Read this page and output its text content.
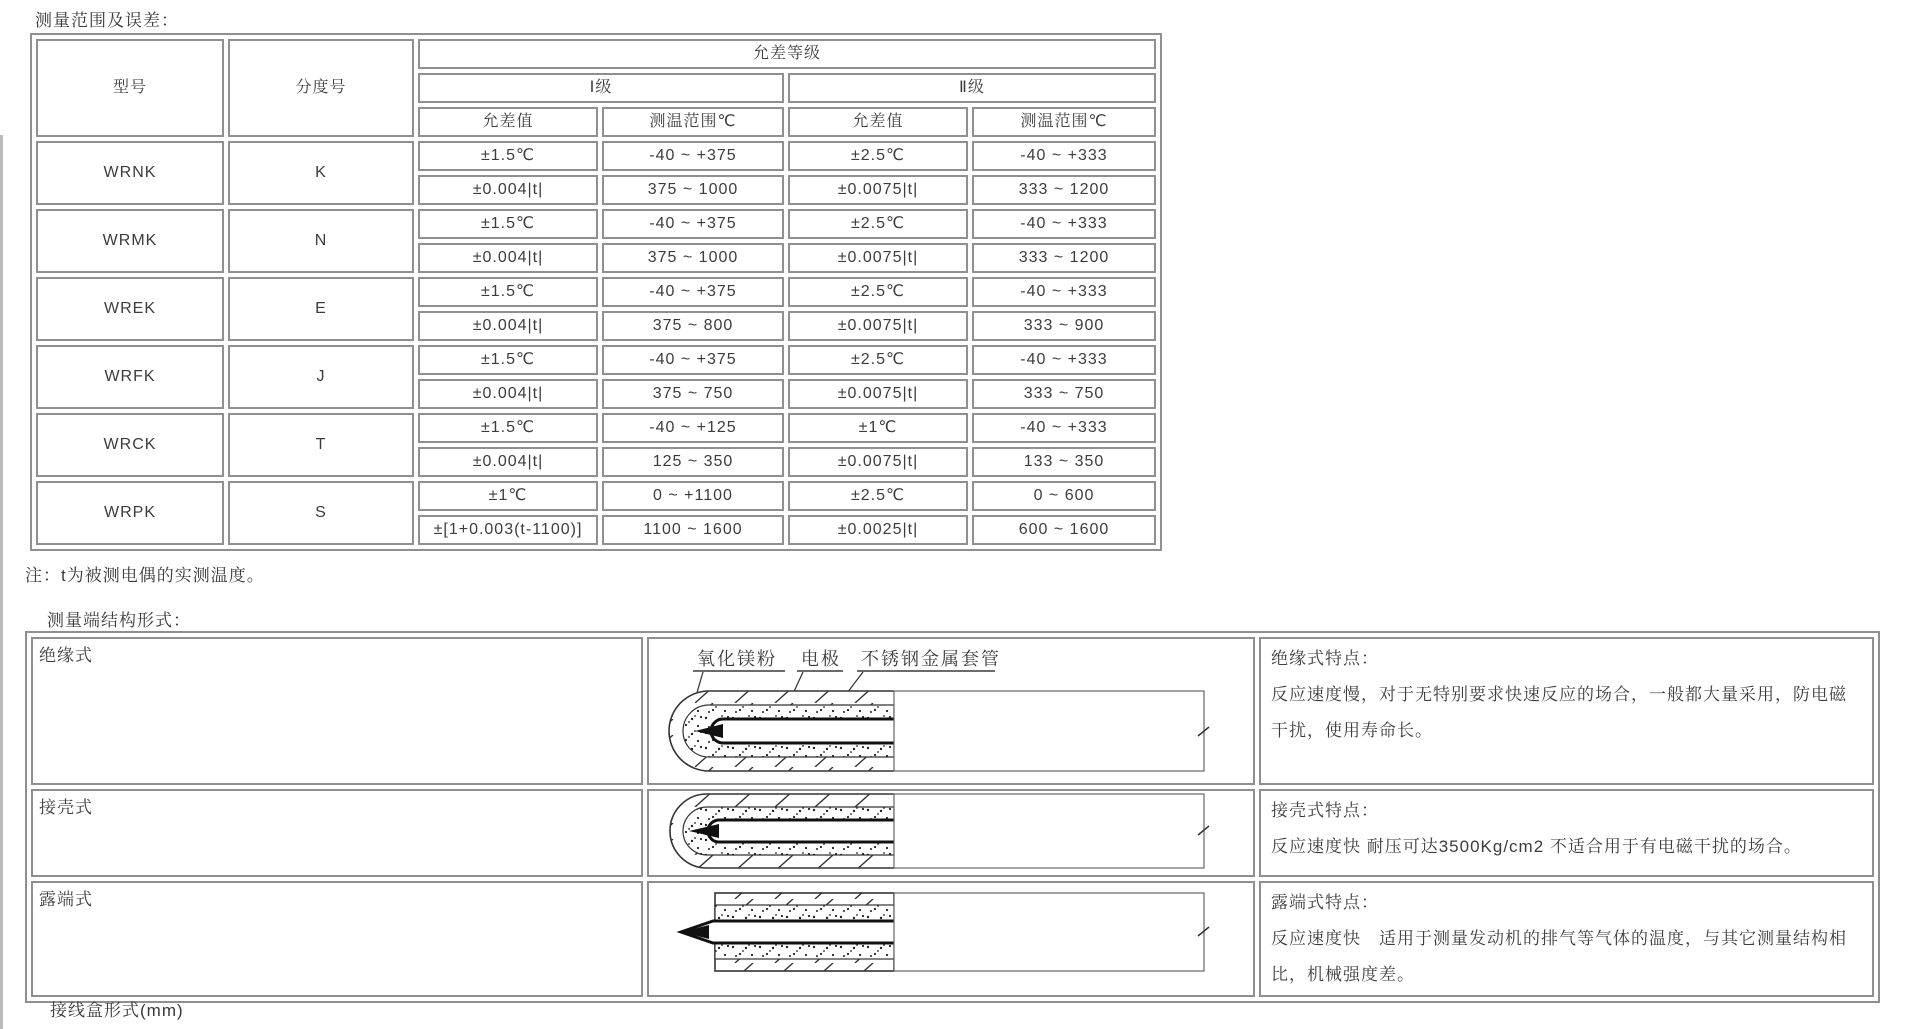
测量范围及误差：
型号	分度号	允差等级			
		Ⅰ级		Ⅱ级	
		允差值	测温范围℃	允差值	测温范围℃
WRNK	K	±1.5℃	-40 ~ +375	±2.5℃	-40 ~ +333
		±0.004|t|	375 ~ 1000	±0.0075|t|	333 ~ 1200
WRMK	N	±1.5℃	-40 ~ +375	±2.5℃	-40 ~ +333
		±0.004|t|	375 ~ 1000	±0.0075|t|	333 ~ 1200
WREK	E	±1.5℃	-40 ~ +375	±2.5℃	-40 ~ +333
		±0.004|t|	375 ~ 800	±0.0075|t|	333 ~ 900
WRFK	J	±1.5℃	-40 ~ +375	±2.5℃	-40 ~ +333
		±0.004|t|	375 ~ 750	±0.0075|t|	333 ~ 750
WRCK	T	±1.5℃	-40 ~ +125	±1℃	-40 ~ +333
		±0.004|t|	125 ~ 350	±0.0075|t|	133 ~ 350
WRPK	S	±1℃	0 ~ +1100	±2.5℃	0 ~ 600
		±[1+0.003(t-1100)]	1100 ~ 1600	±0.0025|t|	600 ~ 1600
注：t为被测电偶的实测温度。
测量端结构形式：
绝缘式	氧化镁粉 电极 不锈钢金属套管	绝缘式特点：

反应速度慢，对于无特别要求快速反应的场合，一般都大量采用，防电磁干扰，使用寿命长。

接壳式		接壳式特点：

反应速度快 耐压可达3500Kg/cm2 不适合用于有电磁干扰的场合。

露端式		露端式特点：

反应速度快　适用于测量发动机的排气等气体的温度，与其它测量结构相比，机械强度差。

接线盒形式(mm)
